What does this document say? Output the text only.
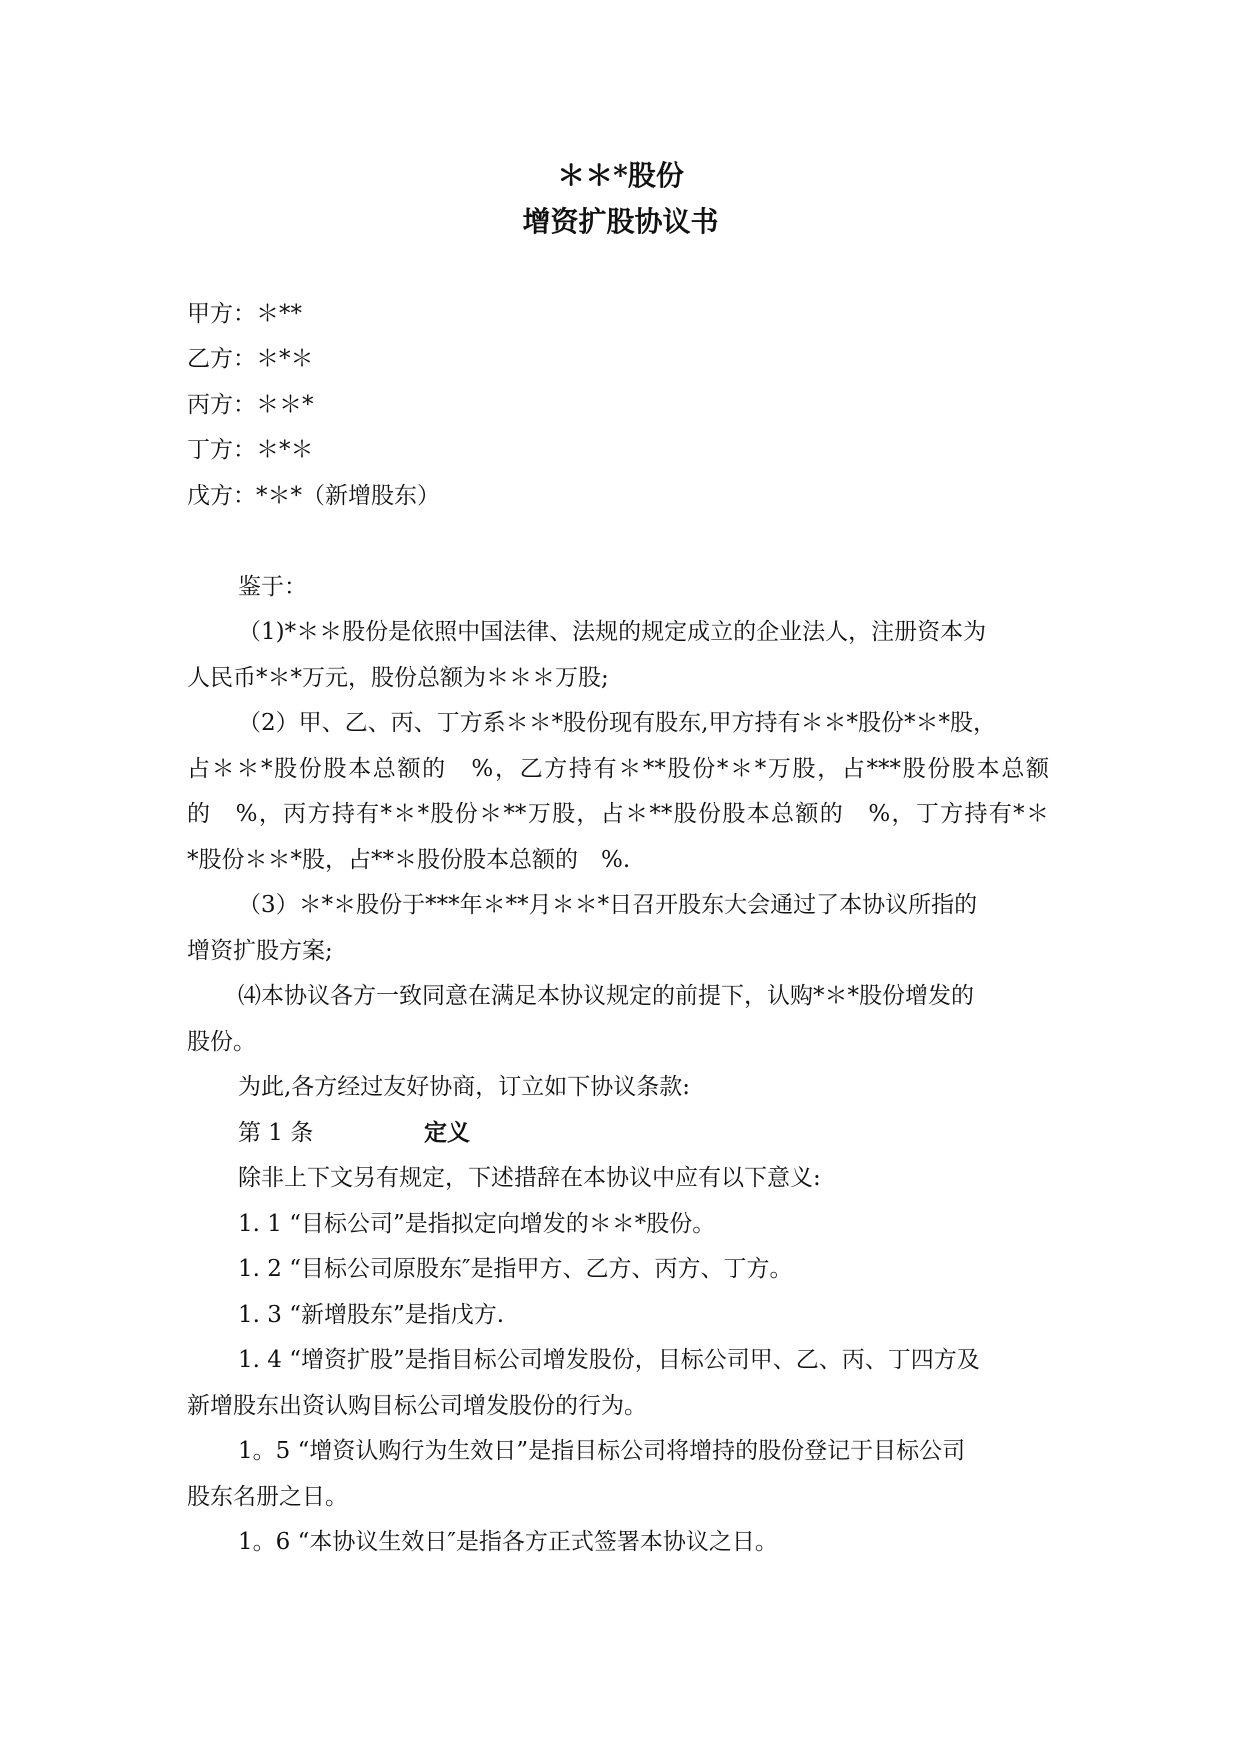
＊＊*股份
增资扩股协议书

甲方：＊**

乙方：＊*＊

丙方：＊＊*

丁方：＊*＊

戊方：*＊*（新增股东）

鉴于：

（1)*＊＊股份是依照中国法律、法规的规定成立的企业法人，注册资本为

人民币*＊*万元，股份总额为＊＊＊万股;

（2）甲、乙、丙、丁方系＊＊*股份现有股东,甲方持有＊＊*股份*＊*股，

占＊＊*股份股本总额的　%，乙方持有＊**股份*＊*万股，占***股份股本总额

的　%，丙方持有*＊*股份＊**万股，占＊**股份股本总额的　%，丁方持有*＊

*股份＊＊*股，占**＊股份股本总额的　%.

（3）＊*＊股份于***年＊**月＊＊*日召开股东大会通过了本协议所指的

增资扩股方案;

⑷本协议各方一致同意在满足本协议规定的前提下，认购*＊*股份增发的

股份。

为此,各方经过友好协商，订立如下协议条款:

第 1 条	定义

除非上下文另有规定，下述措辞在本协议中应有以下意义:

1. 1 “目标公司”是指拟定向增发的＊＊*股份。

1. 2 “目标公司原股东″是指甲方、乙方、丙方、丁方。

1. 3 “新增股东”是指戊方.

1. 4 “增资扩股”是指目标公司增发股份，目标公司甲、乙、丙、丁四方及

新增股东出资认购目标公司增发股份的行为。

1。5 “增资认购行为生效日”是指目标公司将增持的股份登记于目标公司

股东名册之日。

1。6 “本协议生效日″是指各方正式签署本协议之日。
